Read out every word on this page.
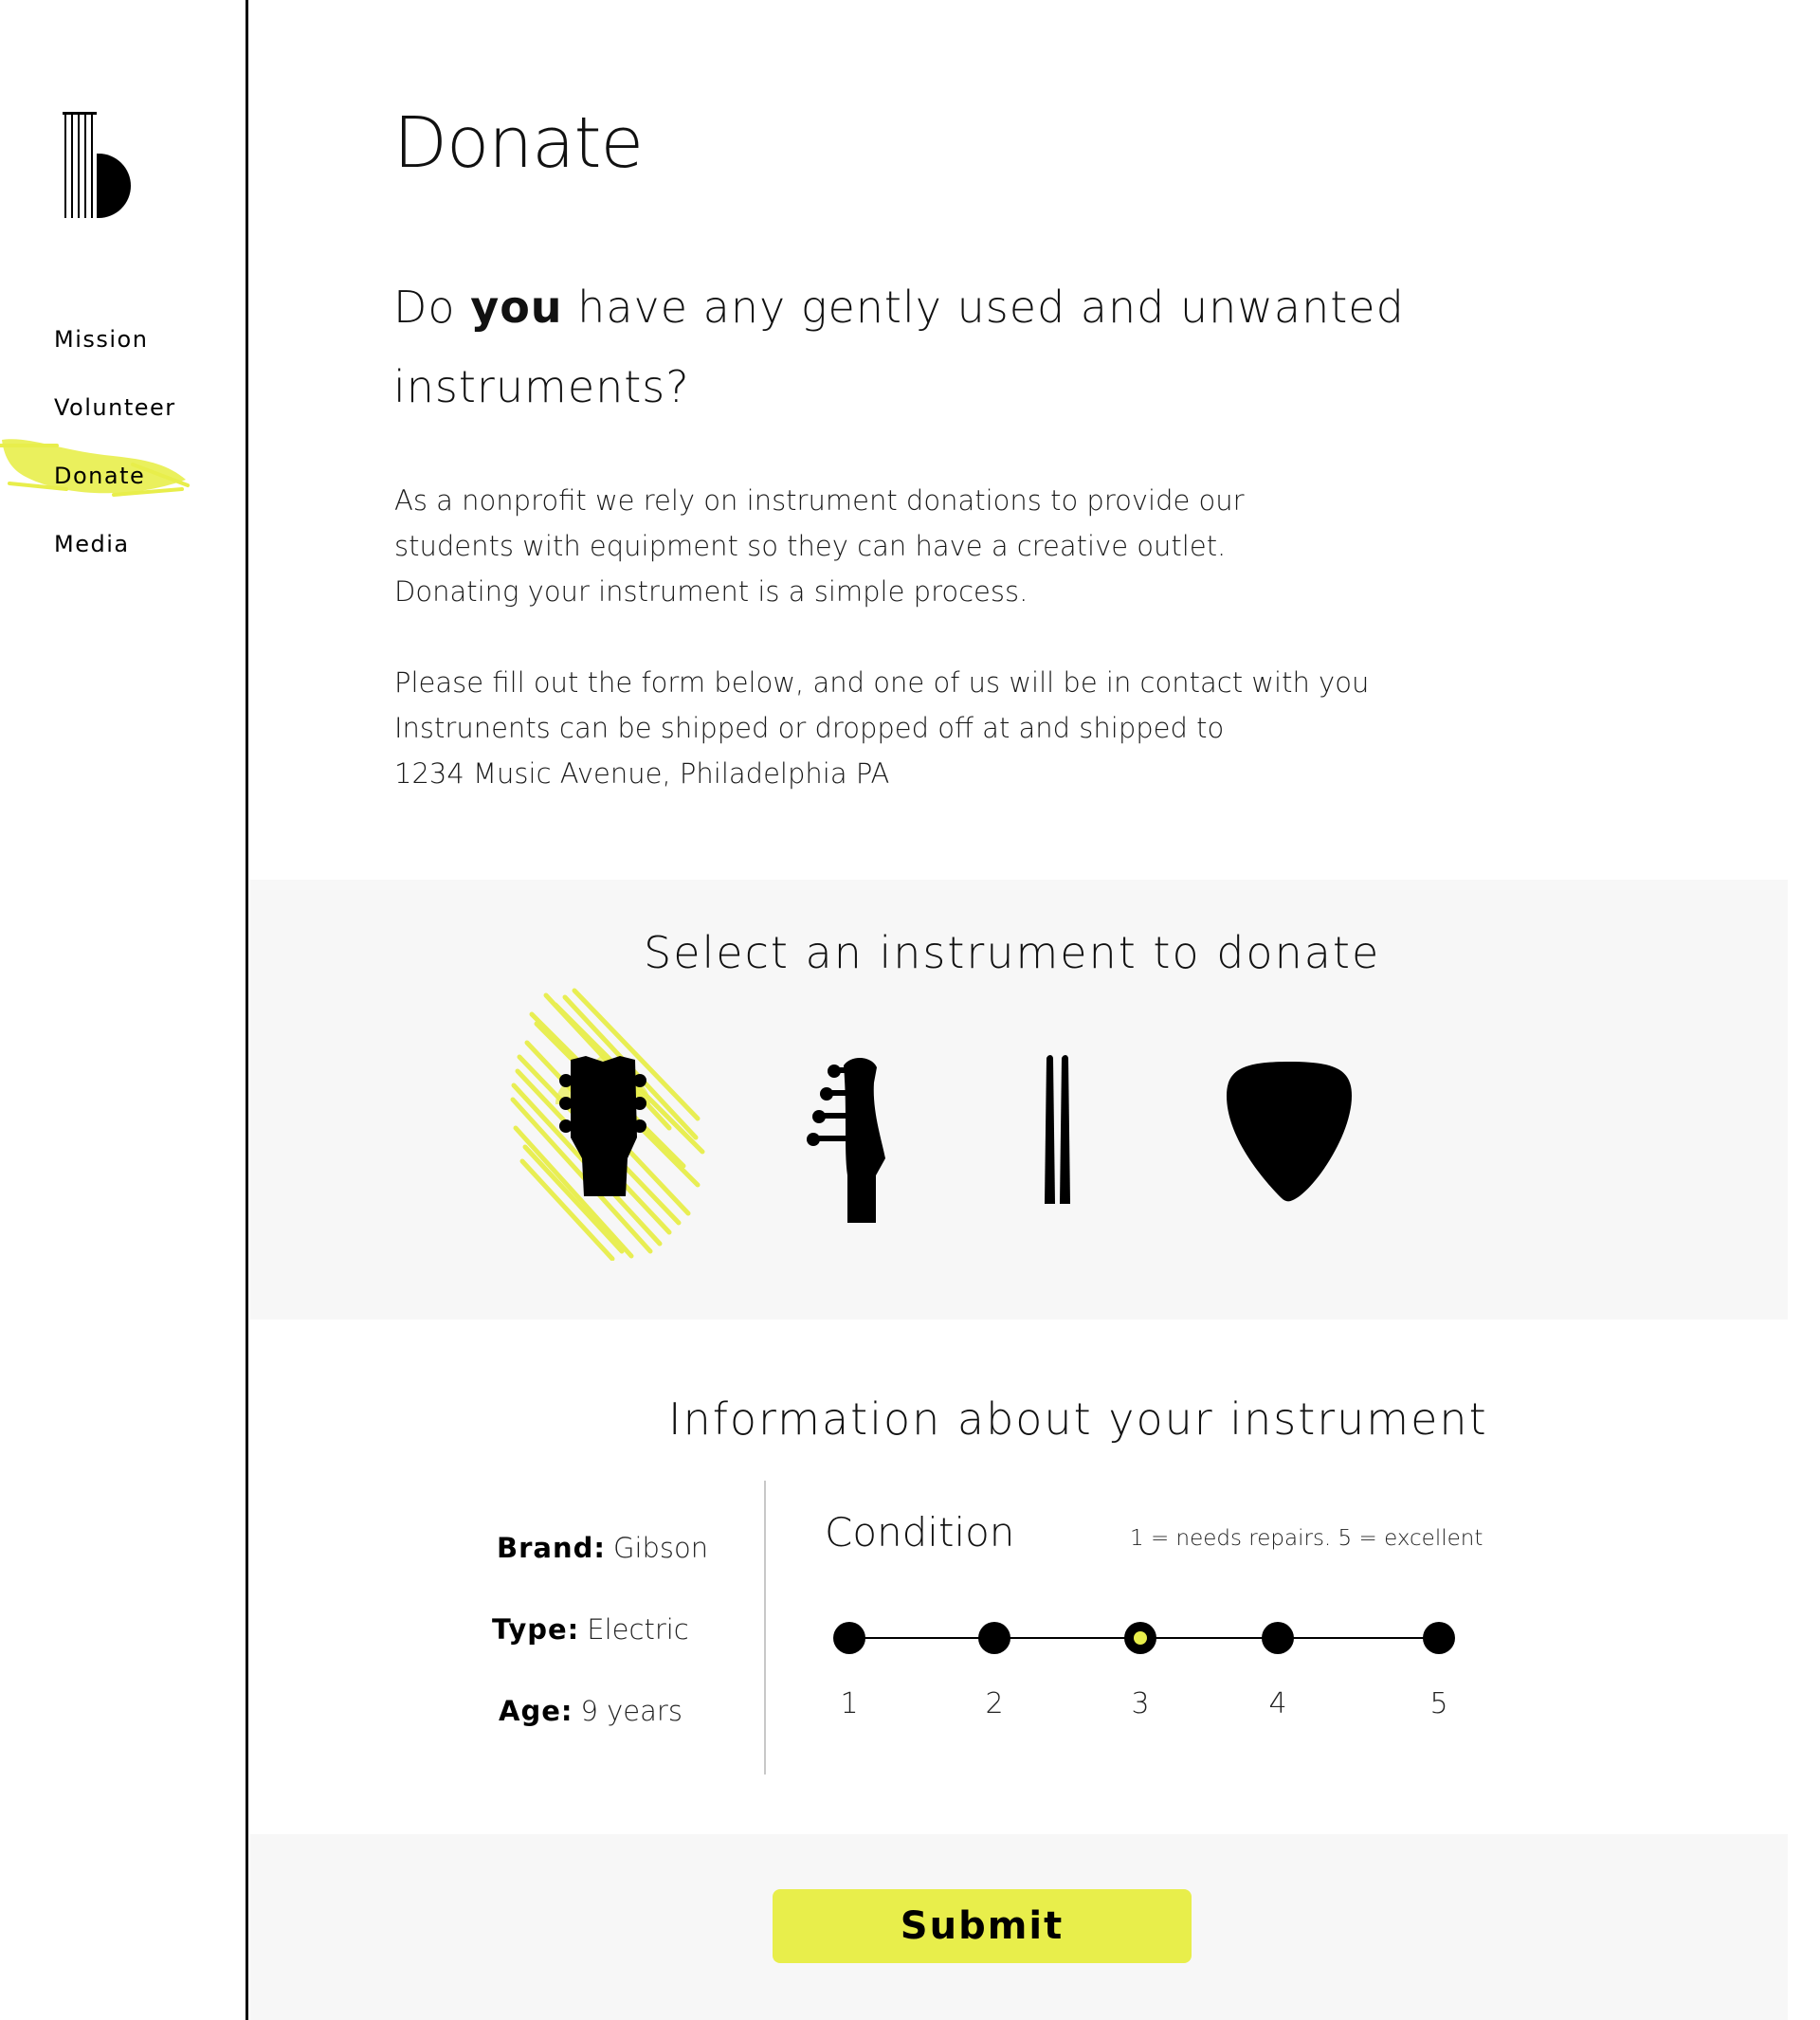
Mission
Volunteer
Donate
Media
Donate
Do you have any gently used and unwanted
instruments?
As a nonprofit we rely on instrument donations to provide our
students with equipment so they can have a creative outlet.
Donating your instrument is a simple process.
Please fill out the form below, and one of us will be in contact with you
Instrunents can be shipped or dropped off at and shipped to
1234 Music Avenue, Philadelphia PA
Select an instrument to donate
Information about your instrument
Brand: Gibson
Type: Electric
Age: 9 years
Condition	1 = needs repairs. 5 = excellent
1	2	3	4	5
Submit
